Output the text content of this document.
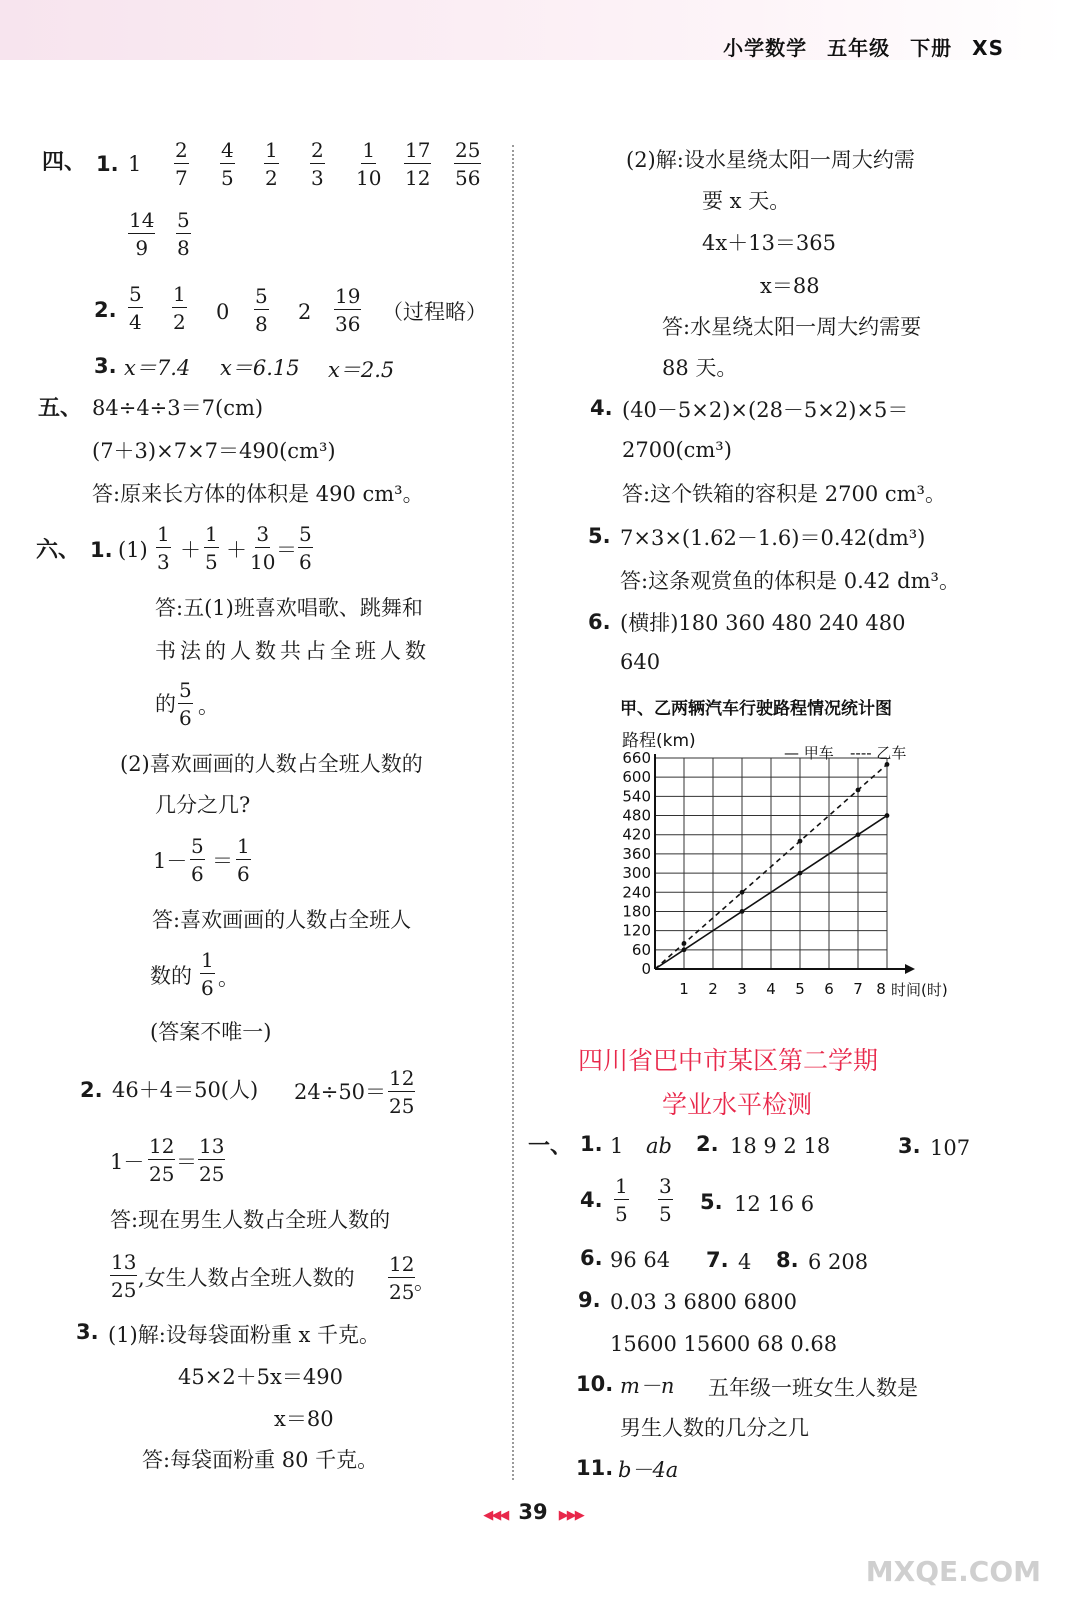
小学数学 五年级 下册 XS
四、 1. 1
2
7
4
5
1
2
2
3
1
10
17
12
25
56
14
9
5
8
2.
5
4
1
2 0
5
8 2
19
36 （过程略）
3. x＝7.4 x＝6.15 x＝2.5
五、 84÷4÷3＝7(cm)
(7＋3)×7×7＝490(cm³)
答:原来长方体的体积是 490 cm³。
六、 1. (1)
1
3 ＋
1
5 ＋
3
10 ＝
5
6
答:五(1)班喜欢唱歌、跳舞和
书法的人数共占全班人数
的
5
6 。
(2)喜欢画画的人数占全班人数的
几分之几?
1－
5
6
＝
1
6
答:喜欢画画的人数占全班人
数的
1
6 。
(答案不唯一)
2. 46＋4＝50(人) 24÷50＝
12
25
1－
12
25 ＝
13
25
答:现在男生人数占全班人数的
13
25 ,女生人数占全班人数的
12
25 。
3. (1)解:设每袋面粉重 x 千克。
45×2＋5x＝490
x＝80
答:每袋面粉重 80 千克。
(2)解:设水星绕太阳一周大约需
要 x 天。
4x＋13＝365
x＝88
答:水星绕太阳一周大约需要
88 天。
4. (40－5×2)×(28－5×2)×5＝
2700(cm³)
答:这个铁箱的容积是 2700 cm³。
5. 7×3×(1.62－1.6)＝0.42(dm³)
答:这条观赏鱼的体积是 0.42 dm³。
6. (横排)180 360 480 240 480
640
甲、乙两辆汽车行驶路程情况统计图
路程(km)
— 甲车 ---- 乙车
0
60
120
180
240
300
360
420
480
540
600
660
1 2 3 4 5 6 7 8 时间(时)
四川省巴中市某区第二学期
学业水平检测
一、 1. 1 ab 2. 18 9 2 18	3. 107
4.
1
5
3
5 5. 12 16 6
6. 96 64 7. 4 8. 6 208
9. 0.03 3 6800 6800
15600 15600 68 0.68
10. m－n 五年级一班女生人数是
男生人数的几分之几
11. b－4a
◀◀◀ 39 ▶▶▶
MXQE.COM
